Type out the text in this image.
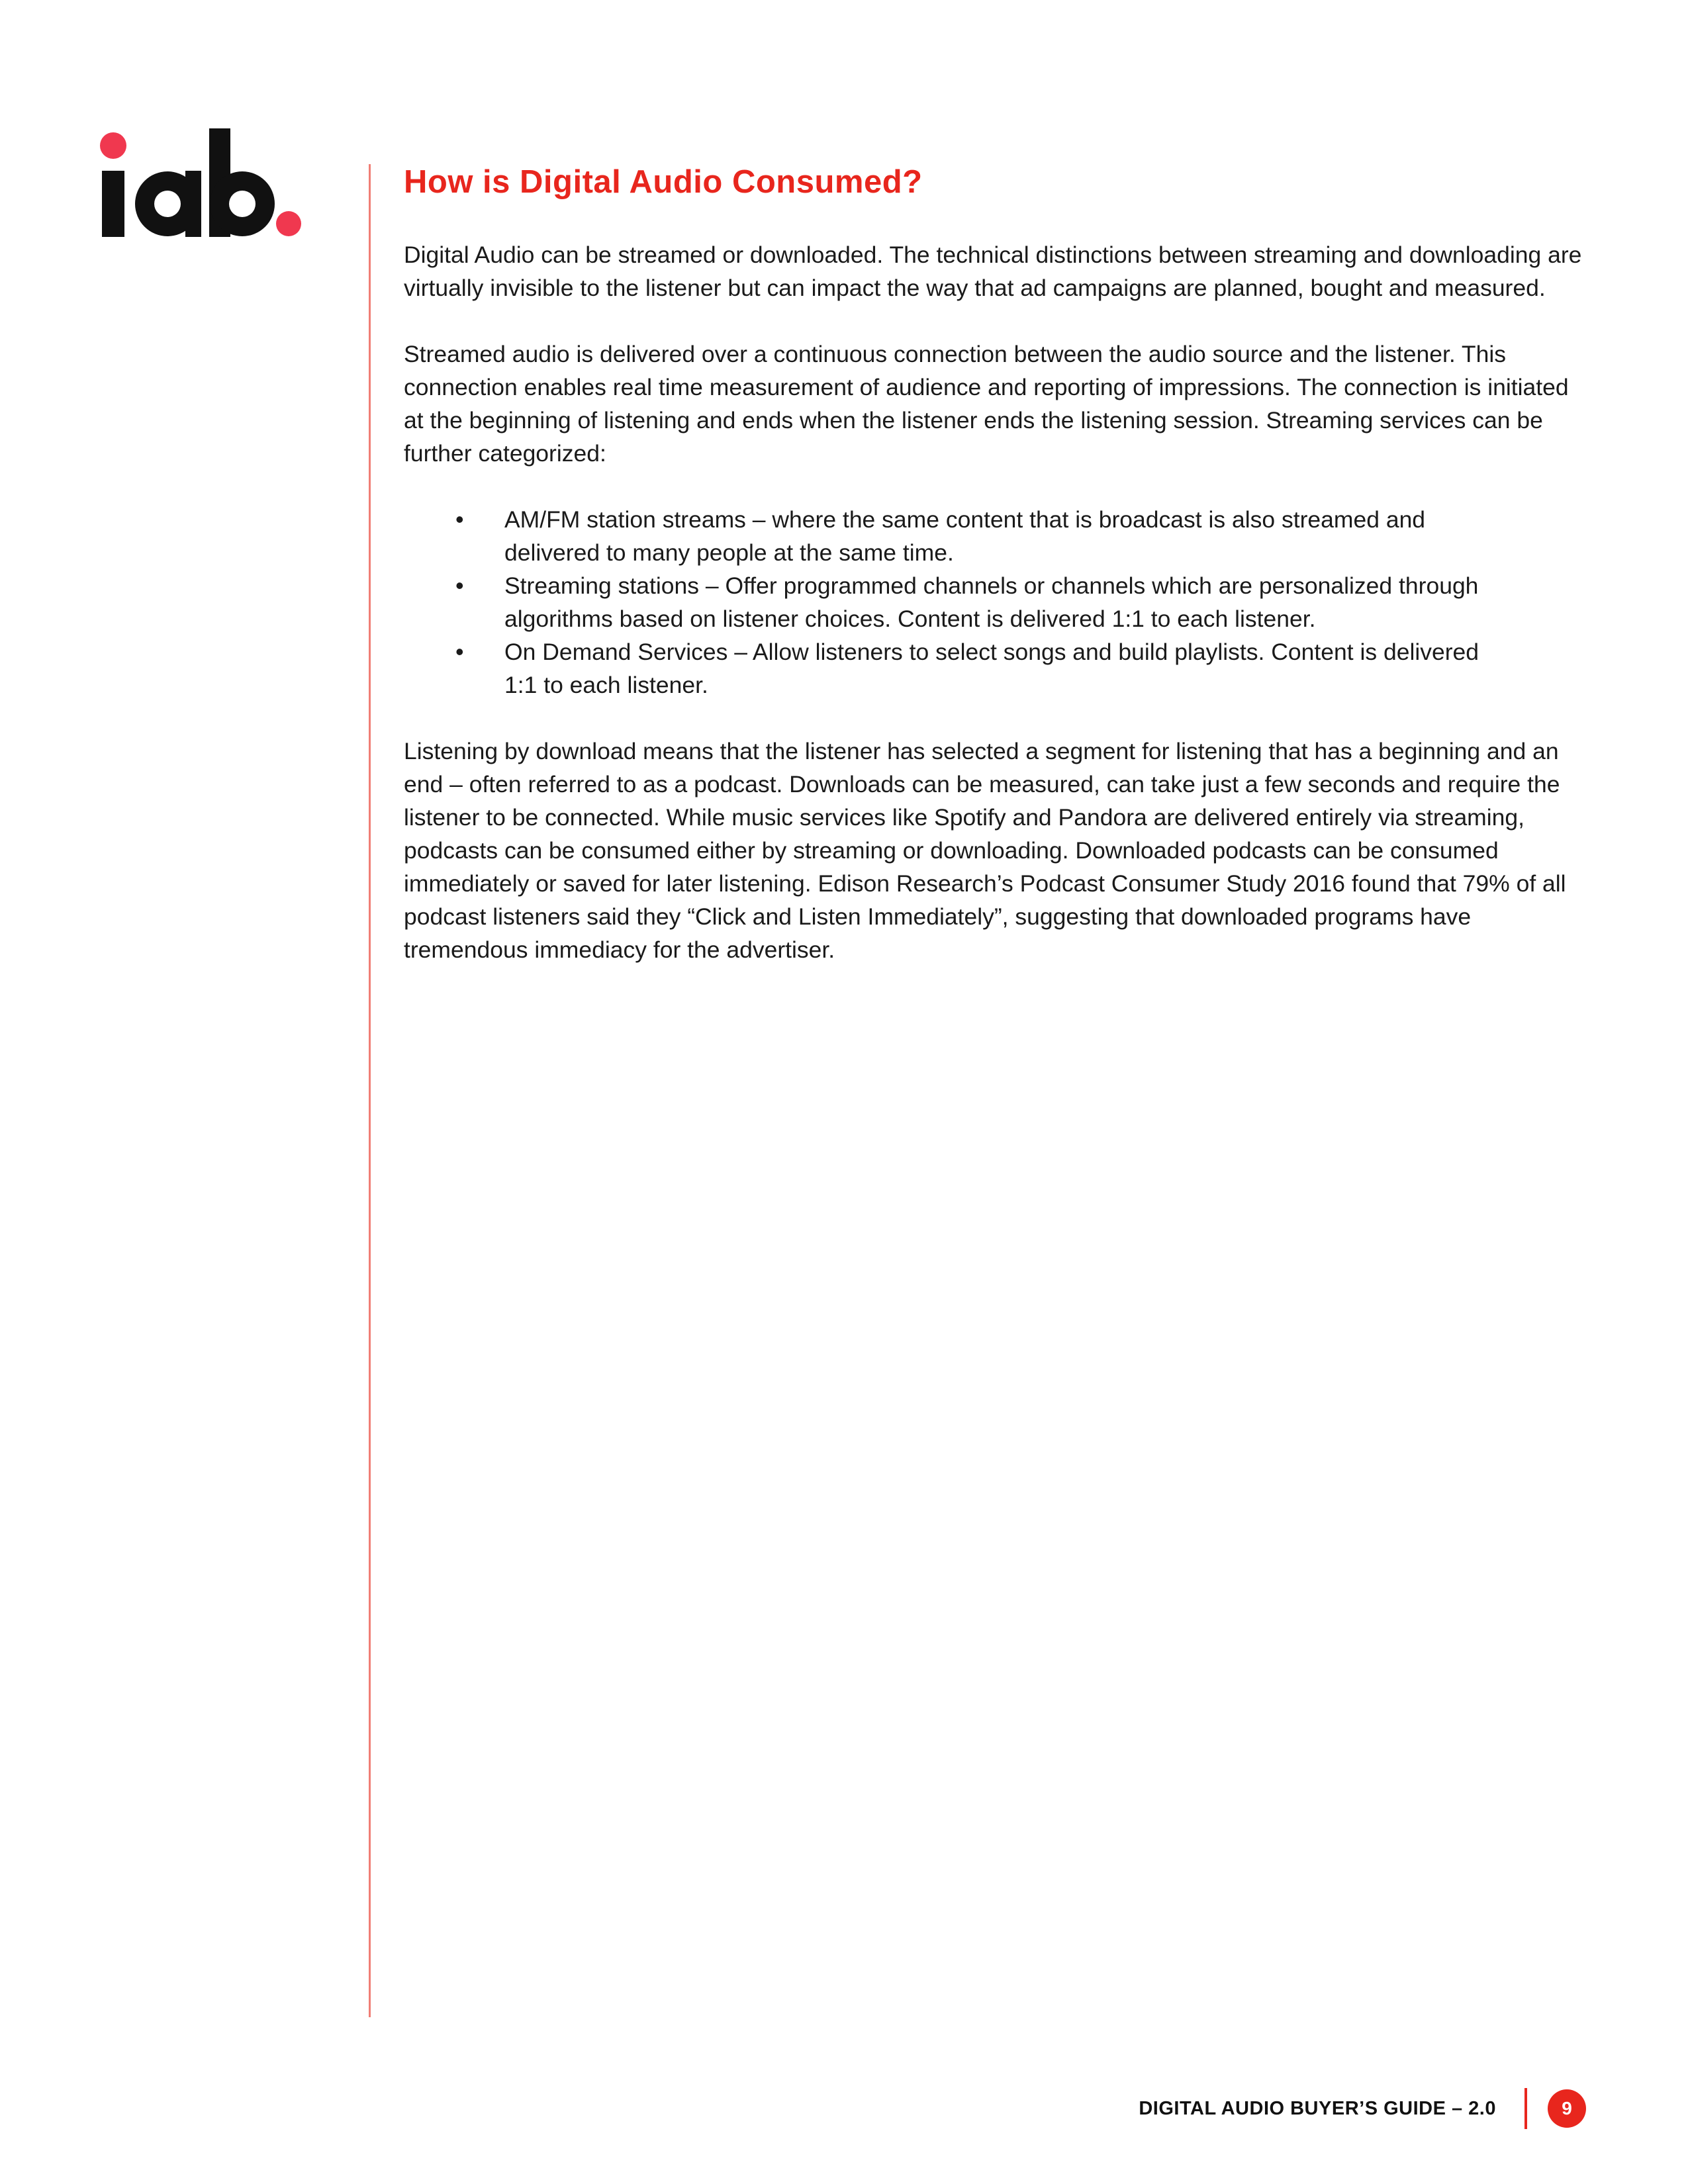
How is Digital Audio Consumed?

Digital Audio can be streamed or downloaded. The technical distinctions between streaming and downloading are virtually invisible to the listener but can impact the way that ad campaigns are planned, bought and measured.

Streamed audio is delivered over a continuous connection between the audio source and the listener. This connection enables real time measurement of audience and reporting of impressions. The connection is initiated at the beginning of listening and ends when the listener ends the listening session. Streaming services can be further categorized:

• AM/FM station streams – where the same content that is broadcast is also streamed and delivered to many people at the same time.
• Streaming stations – Offer programmed channels or channels which are personalized through algorithms based on listener choices. Content is delivered 1:1 to each listener.
• On Demand Services – Allow listeners to select songs and build playlists. Content is delivered 1:1 to each listener.

Listening by download means that the listener has selected a segment for listening that has a beginning and an end – often referred to as a podcast. Downloads can be measured, can take just a few seconds and require the listener to be connected. While music services like Spotify and Pandora are delivered entirely via streaming, podcasts can be consumed either by streaming or downloading. Downloaded podcasts can be consumed immediately or saved for later listening. Edison Research’s Podcast Consumer Study 2016 found that 79% of all podcast listeners said they “Click and Listen Immediately”, suggesting that downloaded programs have tremendous immediacy for the advertiser.

DIGITAL AUDIO BUYER’S GUIDE – 2.0	9
